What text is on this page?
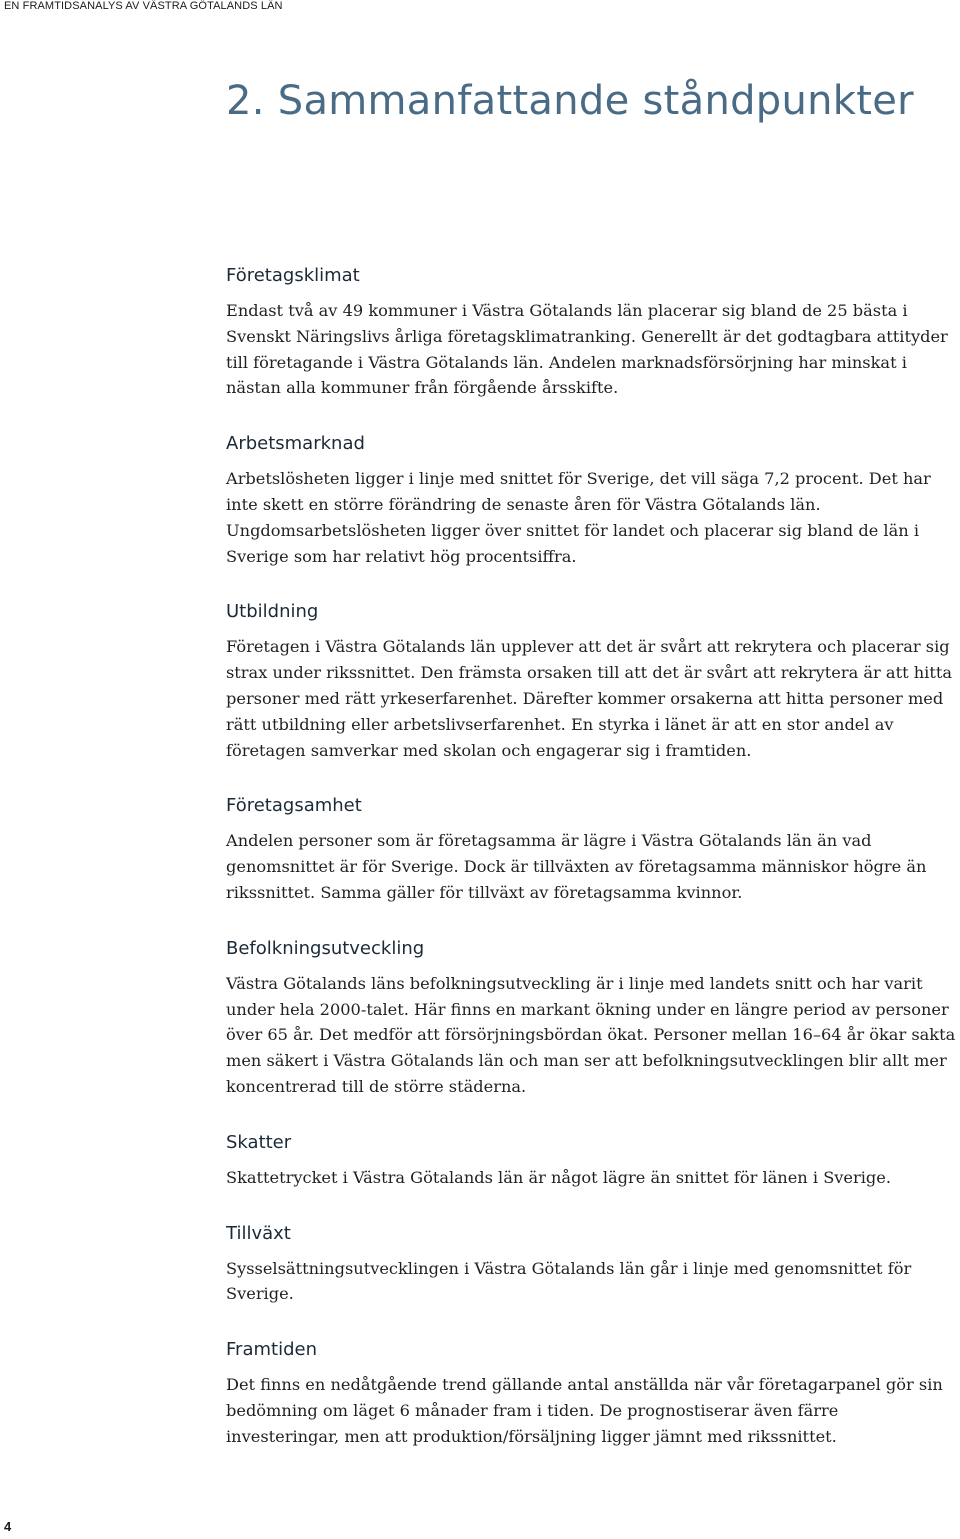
EN FRAMTIDSANALYS AV VÄSTRA GÖTALANDS LÄN
2. Sammanfattande ståndpunkter
Företagsklimat

Endast två av 49 kommuner i Västra Götalands län placerar sig bland de 25 bästa i Svenskt Näringslivs årliga företagsklimatranking. Generellt är det godtagbara attityder till företagande i Västra Götalands län. Andelen marknadsförsörjning har minskat i nästan alla kommuner från förgående årsskifte.

Arbetsmarknad

Arbetslösheten ligger i linje med snittet för Sverige, det vill säga 7,2 procent. Det har inte skett en större förändring de senaste åren för Västra Götalands län. Ungdomsarbetslösheten ligger över snittet för landet och placerar sig bland de län i Sverige som har relativt hög procentsiffra.

Utbildning

Företagen i Västra Götalands län upplever att det är svårt att rekrytera och placerar sig strax under rikssnittet. Den främsta orsaken till att det är svårt att rekrytera är att hitta personer med rätt yrkeserfarenhet. Därefter kommer orsakerna att hitta personer med rätt utbildning eller arbetslivserfarenhet. En styrka i länet är att en stor andel av företagen samverkar med skolan och engagerar sig i framtiden.

Företagsamhet

Andelen personer som är företagsamma är lägre i Västra Götalands län än vad genomsnittet är för Sverige. Dock är tillväxten av företagsamma människor högre än rikssnittet. Samma gäller för tillväxt av företagsamma kvinnor.

Befolkningsutveckling

Västra Götalands läns befolkningsutveckling är i linje med landets snitt och har varit under hela 2000-talet. Här finns en markant ökning under en längre period av personer över 65 år. Det medför att försörjningsbördan ökat. Personer mellan 16–64 år ökar sakta men säkert i Västra Götalands län och man ser att befolkningsutvecklingen blir allt mer koncentrerad till de större städerna.

Skatter

Skattetrycket i Västra Götalands län är något lägre än snittet för länen i Sverige.

Tillväxt

Sysselsättningsutvecklingen i Västra Götalands län går i linje med genomsnittet för Sverige.

Framtiden

Det finns en nedåtgående trend gällande antal anställda när vår företagarpanel gör sin bedömning om läget 6 månader fram i tiden. De prognostiserar även färre investeringar, men att produktion/försäljning ligger jämnt med rikssnittet.

4
